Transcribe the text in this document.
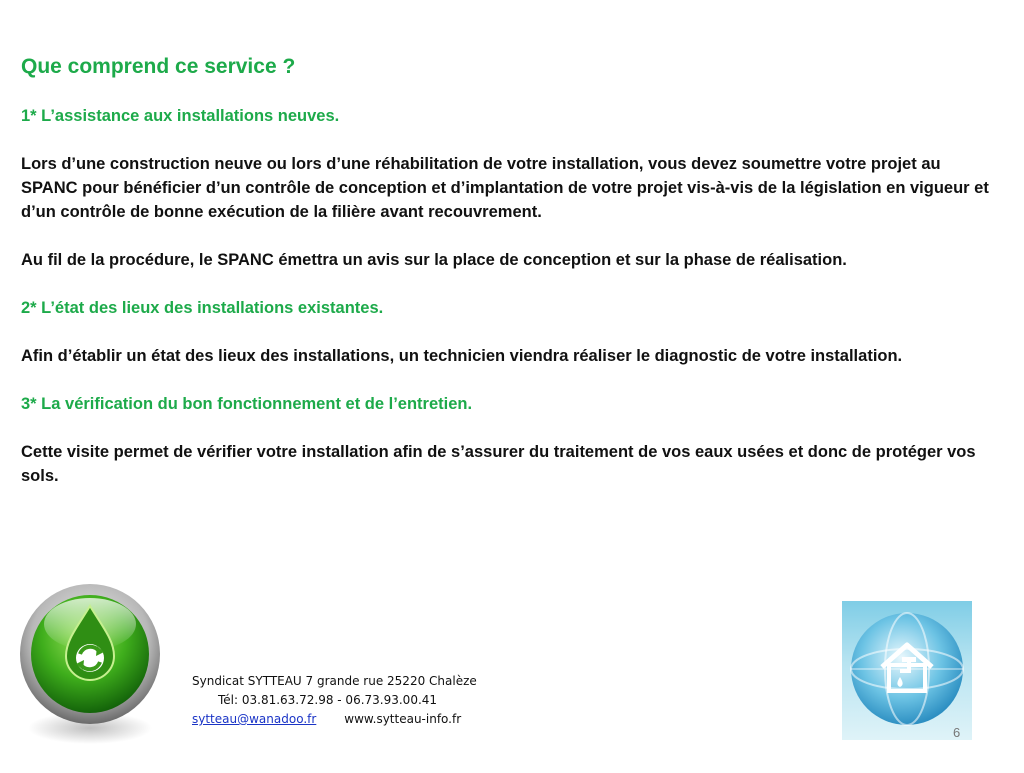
Que comprend ce service ?
1* L’assistance aux installations neuves.
Lors d’une construction neuve ou lors d’une réhabilitation de votre installation, vous devez soumettre votre projet au SPANC pour bénéficier d’un contrôle de conception et d’implantation de votre projet vis-à-vis de la législation en vigueur et d’un contrôle de bonne exécution de la filière avant recouvrement.
Au fil de la procédure, le SPANC émettra un avis sur la place de conception et sur la phase de réalisation.
2* L’état des lieux des installations existantes.
Afin d’établir un état des lieux des installations, un technicien viendra réaliser le diagnostic de votre installation.
3* La vérification du bon fonctionnement et de l’entretien.
Cette visite permet de vérifier votre installation afin de s’assurer du traitement de vos eaux usées et donc de protéger vos sols.
Syndicat SYTTEAU 7 grande rue 25220 Chalèze
Tél: 03.81.63.72.98 - 06.73.93.00.41
sytteau@wanadoo.fr www.sytteau-info.fr
6
